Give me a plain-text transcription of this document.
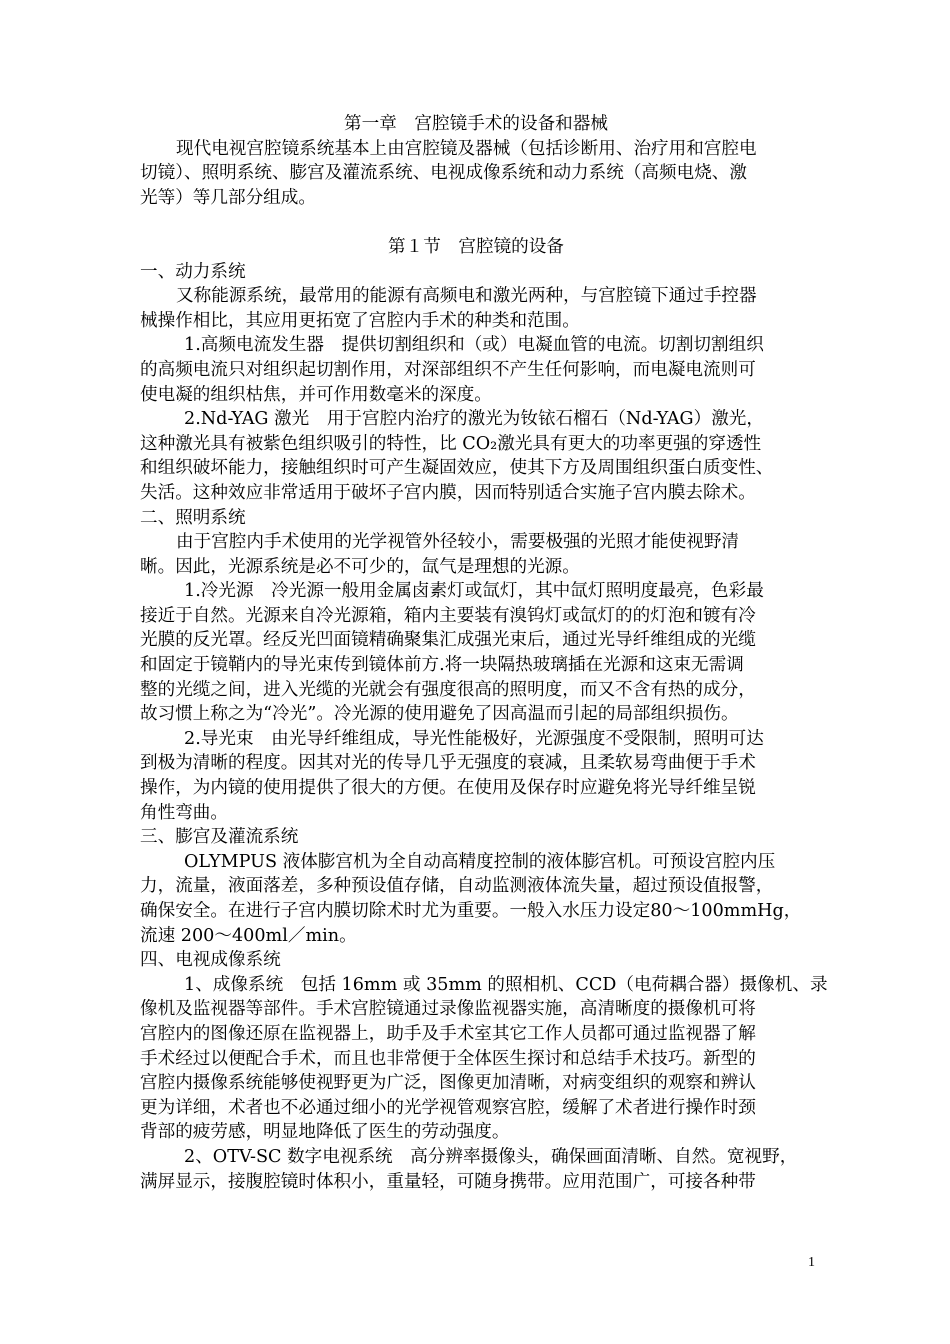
第一章　宫腔镜手术的设备和器械
现代电视宫腔镜系统基本上由宫腔镜及器械（包括诊断用、治疗用和宫腔电
切镜）、照明系统、膨宫及灌流系统、电视成像系统和动力系统（高频电烧、激
光等）等几部分组成。
第１节　宫腔镜的设备
一、动力系统
又称能源系统，最常用的能源有高频电和激光两种，与宫腔镜下通过手控器
械操作相比，其应用更拓宽了宫腔内手术的种类和范围。
1.高频电流发生器　提供切割组织和（或）电凝血管的电流。切割切割组织
的高频电流只对组织起切割作用，对深部组织不产生任何影响，而电凝电流则可
使电凝的组织枯焦，并可作用数毫米的深度。
2.Nd-YAG 激光　用于宫腔内治疗的激光为钕铱石榴石（Nd-YAG）激光，
这种激光具有被紫色组织吸引的特性，比 CO₂激光具有更大的功率更强的穿透性
和组织破坏能力，接触组织时可产生凝固效应，使其下方及周围组织蛋白质变性、
失活。这种效应非常适用于破坏子宫内膜，因而特别适合实施子宫内膜去除术。
二、照明系统
由于宫腔内手术使用的光学视管外径较小，需要极强的光照才能使视野清
晰。因此，光源系统是必不可少的，氙气是理想的光源。
1.冷光源　冷光源一般用金属卤素灯或氙灯，其中氙灯照明度最亮，色彩最
接近于自然。光源来自冷光源箱，箱内主要装有溴钨灯或氙灯的的灯泡和镀有冷
光膜的反光罩。经反光凹面镜精确聚集汇成强光束后，通过光导纤维组成的光缆
和固定于镜鞘内的导光束传到镜体前方.将一块隔热玻璃插在光源和这束无需调
整的光缆之间，进入光缆的光就会有强度很高的照明度，而又不含有热的成分，
故习惯上称之为“冷光”。冷光源的使用避免了因高温而引起的局部组织损伤。
2.导光束　由光导纤维组成，导光性能极好，光源强度不受限制，照明可达
到极为清晰的程度。因其对光的传导几乎无强度的衰减，且柔软易弯曲便于手术
操作，为内镜的使用提供了很大的方便。在使用及保存时应避免将光导纤维呈锐
角性弯曲。
三、膨宫及灌流系统
OLYMPUS 液体膨宫机为全自动高精度控制的液体膨宫机。可预设宫腔内压
力，流量，液面落差，多种预设值存储，自动监测液体流失量，超过预设值报警，
确保安全。在进行子宫内膜切除术时尤为重要。一般入水压力设定80～100mmHg，
流速 200～400ml／min。
四、电视成像系统
1、成像系统　包括 16mm 或 35mm 的照相机、CCD（电荷耦合器）摄像机、录
像机及监视器等部件。手术宫腔镜通过录像监视器实施，高清晰度的摄像机可将
宫腔内的图像还原在监视器上，助手及手术室其它工作人员都可通过监视器了解
手术经过以便配合手术，而且也非常便于全体医生探讨和总结手术技巧。新型的
宫腔内摄像系统能够使视野更为广泛，图像更加清晰，对病变组织的观察和辨认
更为详细，术者也不必通过细小的光学视管观察宫腔，缓解了术者进行操作时颈
背部的疲劳感，明显地降低了医生的劳动强度。
2、OTV-SC 数字电视系统　高分辨率摄像头，确保画面清晰、自然。宽视野，
满屏显示，接腹腔镜时体积小，重量轻，可随身携带。应用范围广，可接各种带
1
